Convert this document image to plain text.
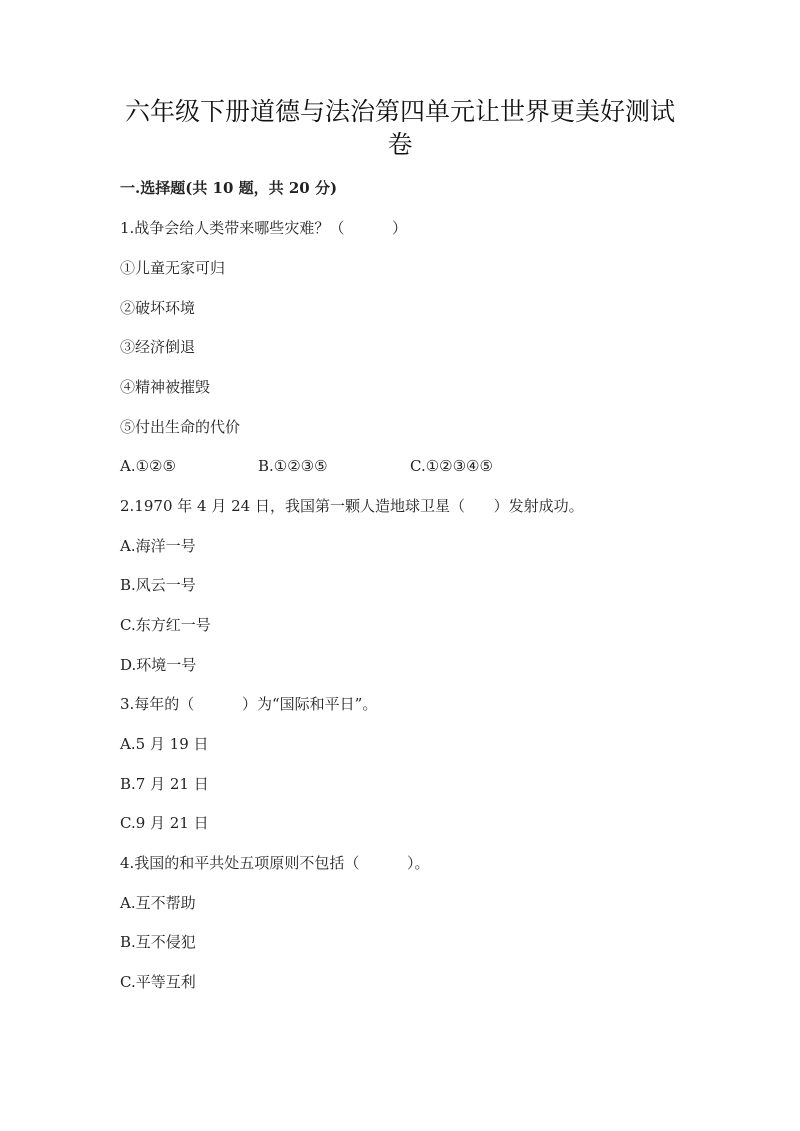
六年级下册道德与法治第四单元让世界更美好测试
卷
一.选择题(共 10 题，共 20 分)
1.战争会给人类带来哪些灾难？（          ）
①儿童无家可归
②破坏环境
③经济倒退
④精神被摧毁
⑤付出生命的代价
A.①②⑤	B.①②③⑤	C.①②③④⑤
2.1970 年 4 月 24 日，我国第一颗人造地球卫星（      ）发射成功。
A.海洋一号
B.风云一号
C.东方红一号
D.环境一号
3.每年的（          ）为“国际和平日”。
A.5 月 19 日
B.7 月 21 日
C.9 月 21 日
4.我国的和平共处五项原则不包括（          ）。
A.互不帮助
B.互不侵犯
C.平等互利
